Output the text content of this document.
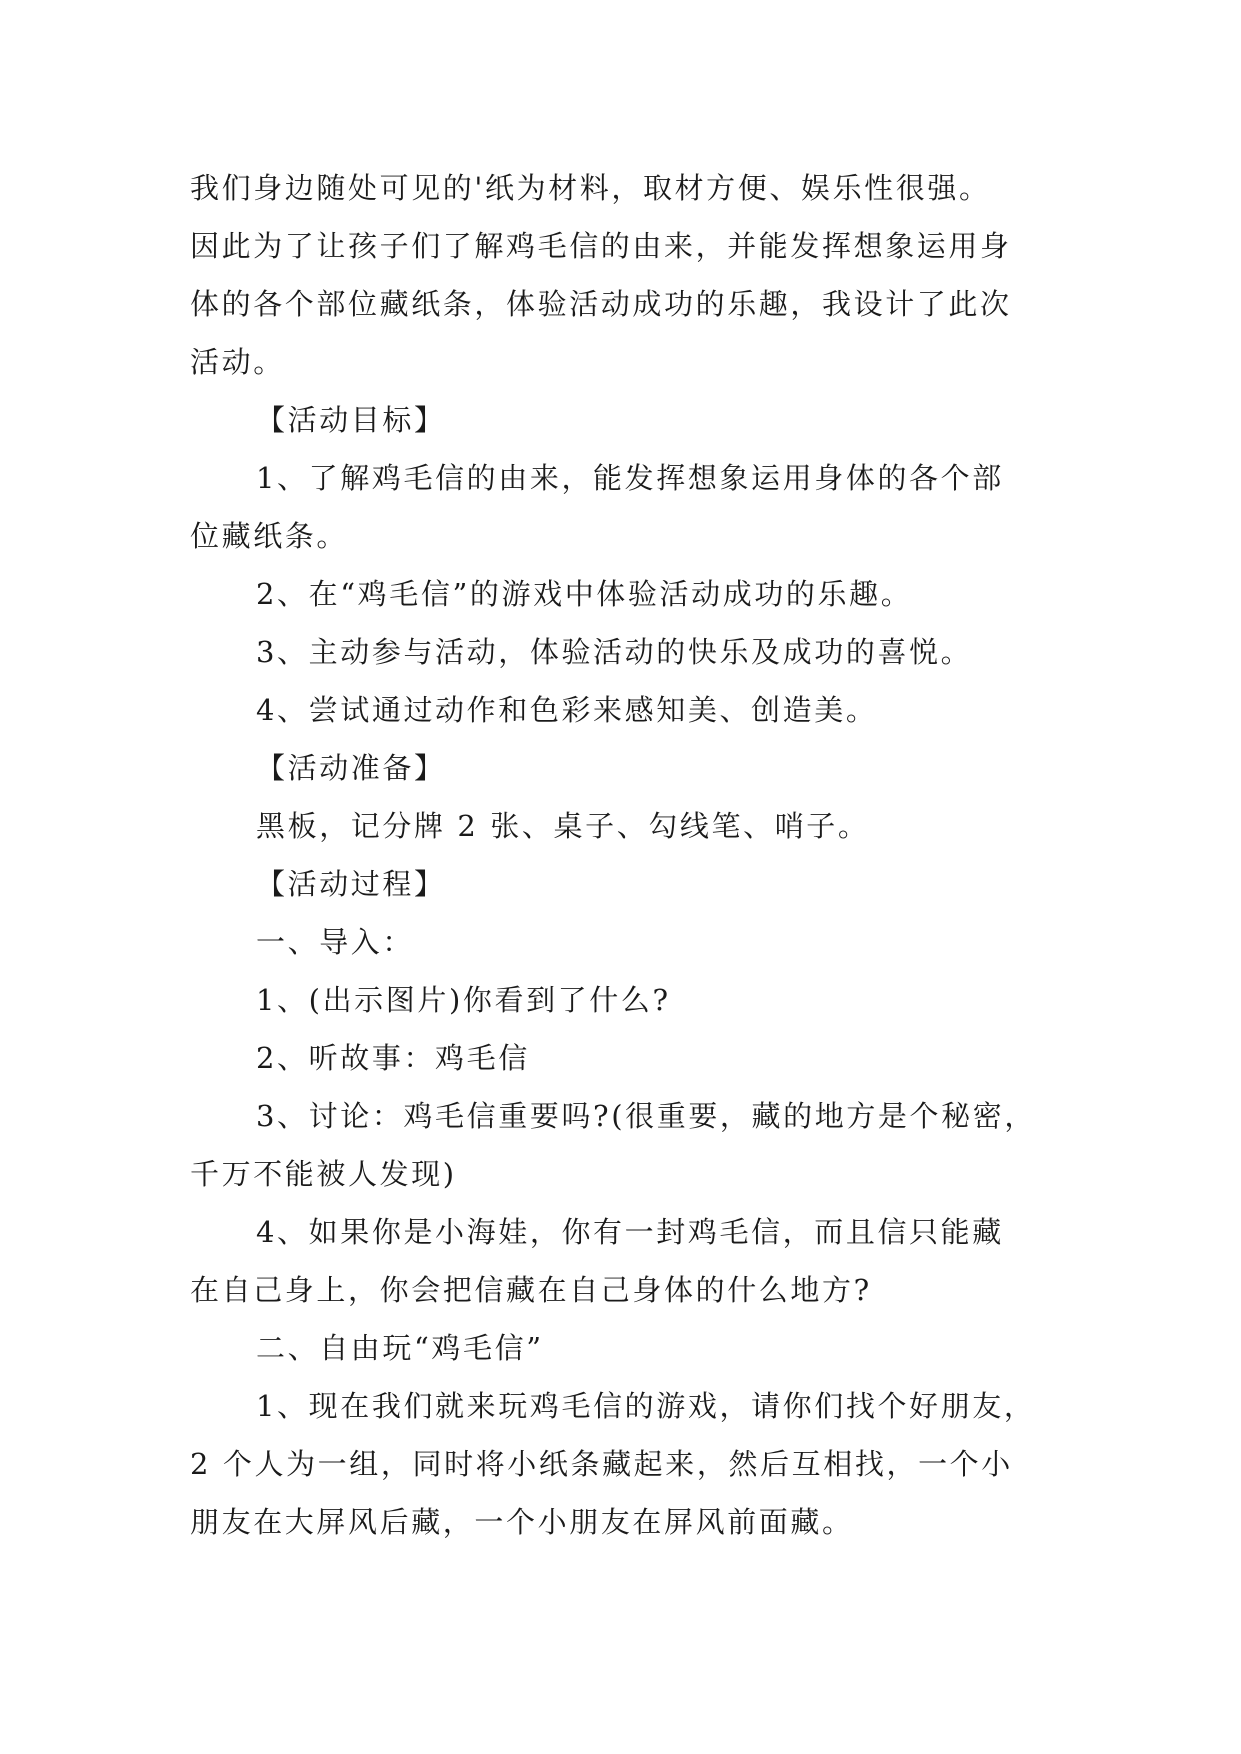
我们身边随处可见的'纸为材料，取材方便、娱乐性很强。
因此为了让孩子们了解鸡毛信的由来，并能发挥想象运用身
体的各个部位藏纸条，体验活动成功的乐趣，我设计了此次
活动。
【活动目标】
1、了解鸡毛信的由来，能发挥想象运用身体的各个部
位藏纸条。
2、在“鸡毛信”的游戏中体验活动成功的乐趣。
3、主动参与活动，体验活动的快乐及成功的喜悦。
4、尝试通过动作和色彩来感知美、创造美。
【活动准备】
黑板，记分牌 2 张、桌子、勾线笔、哨子。
【活动过程】
一、导入：
1、(出示图片)你看到了什么?
2、听故事：鸡毛信
3、讨论：鸡毛信重要吗?(很重要，藏的地方是个秘密，
千万不能被人发现)
4、如果你是小海娃，你有一封鸡毛信，而且信只能藏
在自己身上，你会把信藏在自己身体的什么地方?
二、自由玩“鸡毛信”
1、现在我们就来玩鸡毛信的游戏，请你们找个好朋友，
2 个人为一组，同时将小纸条藏起来，然后互相找，一个小
朋友在大屏风后藏，一个小朋友在屏风前面藏。
